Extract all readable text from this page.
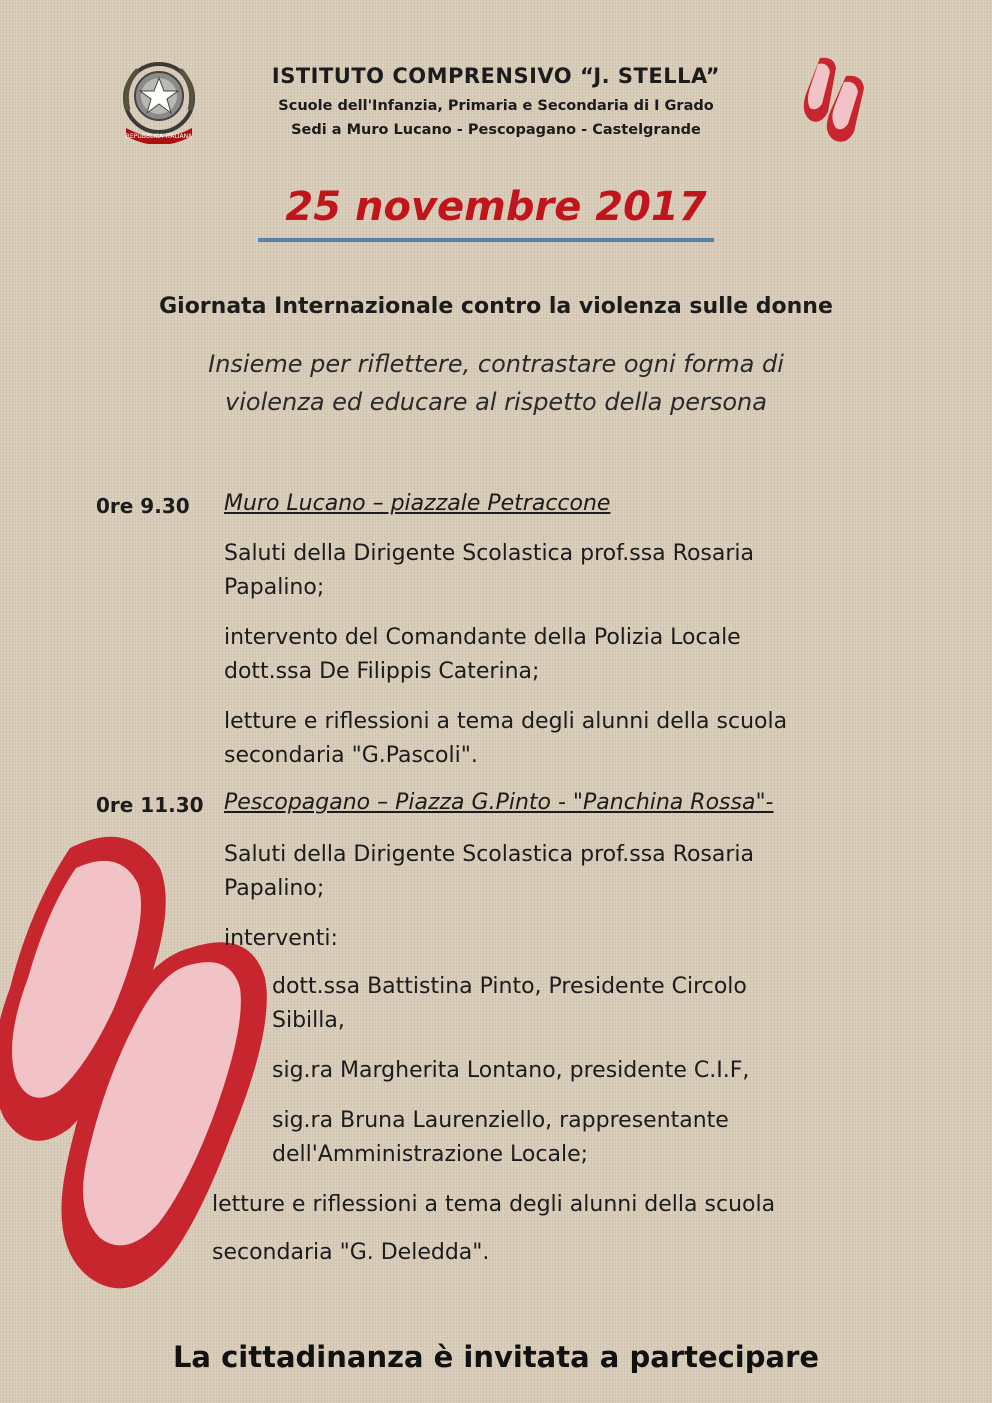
REPUBBLICA ITALIANA
ISTITUTO COMPRENSIVO “J. STELLA”
Scuole dell'Infanzia, Primaria e Secondaria di I Grado
Sedi a Muro Lucano - Pescopagano - Castelgrande
25 novembre 2017
Giornata Internazionale contro la violenza sulle donne

Insieme per riflettere, contrastare ogni forma di

violenza ed educare al rispetto della persona

0re 9.30 Muro Lucano – piazzale Petraccone

Saluti della Dirigente Scolastica prof.ssa Rosaria

Papalino;

intervento del Comandante della Polizia Locale

dott.ssa De Filippis Caterina;

letture e riflessioni a tema degli alunni della scuola

secondaria "G.Pascoli".

0re 11.30 Pescopagano – Piazza G.Pinto - "Panchina Rossa"-

Saluti della Dirigente Scolastica prof.ssa Rosaria

Papalino;

interventi:

dott.ssa Battistina Pinto, Presidente Circolo

Sibilla,

sig.ra Margherita Lontano, presidente C.I.F,

sig.ra Bruna Laurenziello, rappresentante

dell'Amministrazione Locale;

letture e riflessioni a tema degli alunni della scuola
secondaria "G. Deledda".
La cittadinanza è invitata a partecipare
